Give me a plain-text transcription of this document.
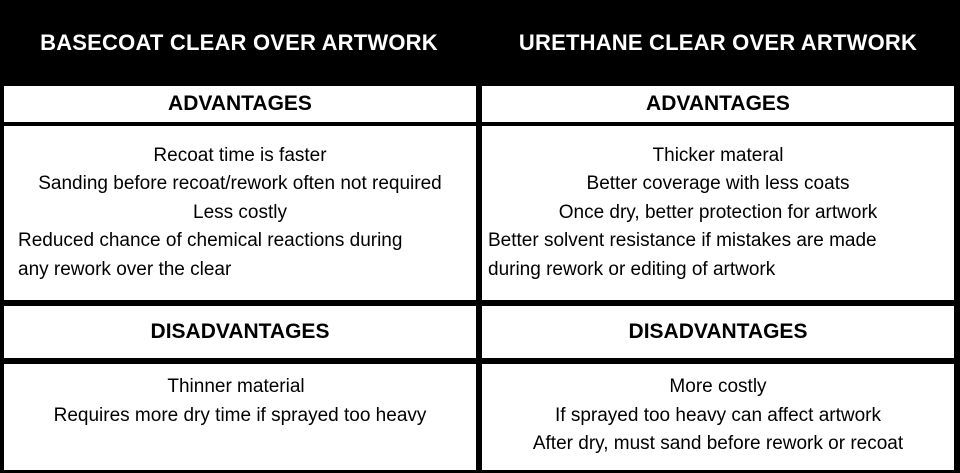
BASECOAT CLEAR OVER ARTWORK	URETHANE CLEAR OVER ARTWORK
ADVANTAGES
Recoat time is faster
Sanding before recoat/rework often not required
Less costly
Reduced chance of chemical reactions during
any rework over the clear
DISADVANTAGES
Thinner material
Requires more dry time if sprayed too heavy
ADVANTAGES
Thicker materal
Better coverage with less coats
Once dry, better protection for artwork
Better solvent resistance if mistakes are made
during rework or editing of artwork
DISADVANTAGES
More costly
If sprayed too heavy can affect artwork
After dry, must sand before rework or recoat
